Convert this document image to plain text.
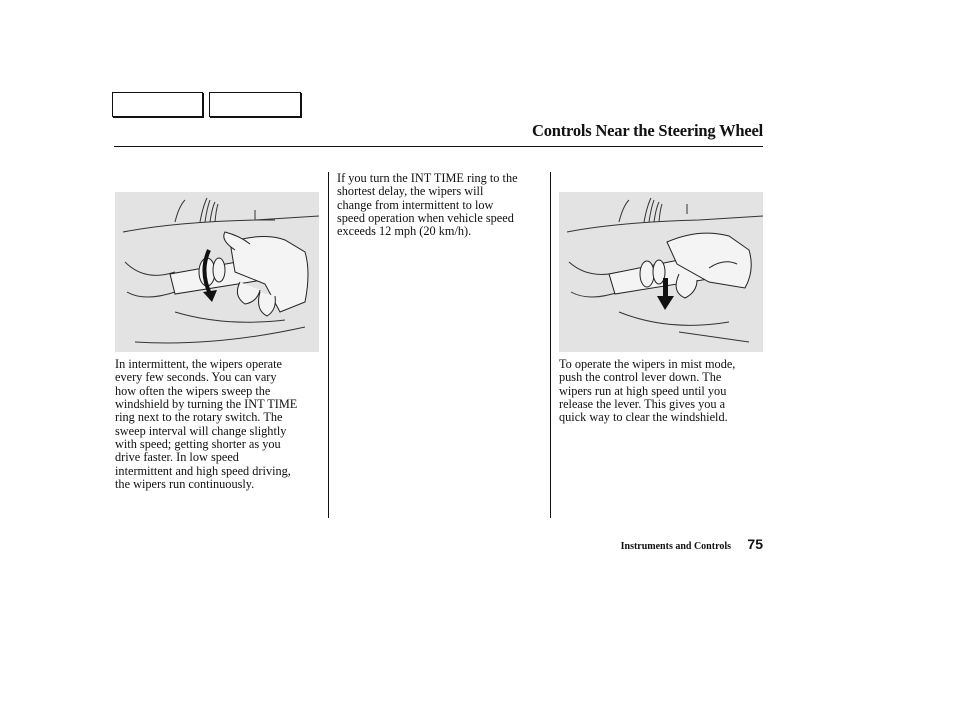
Controls Near the Steering Wheel

In intermittent, the wipers operate
every few seconds. You can vary
how often the wipers sweep the
windshield by turning the INT TIME
ring next to the rotary switch. The
sweep interval will change slightly
with speed; getting shorter as you
drive faster. In low speed
intermittent and high speed driving,
the wipers run continuously.

If you turn the INT TIME ring to the
shortest delay, the wipers will
change from intermittent to low
speed operation when vehicle speed
exceeds 12 mph (20 km/h).

To operate the wipers in mist mode,
push the control lever down. The
wipers run at high speed until you
release the lever. This gives you a
quick way to clear the windshield.

Instruments and Controls 75
